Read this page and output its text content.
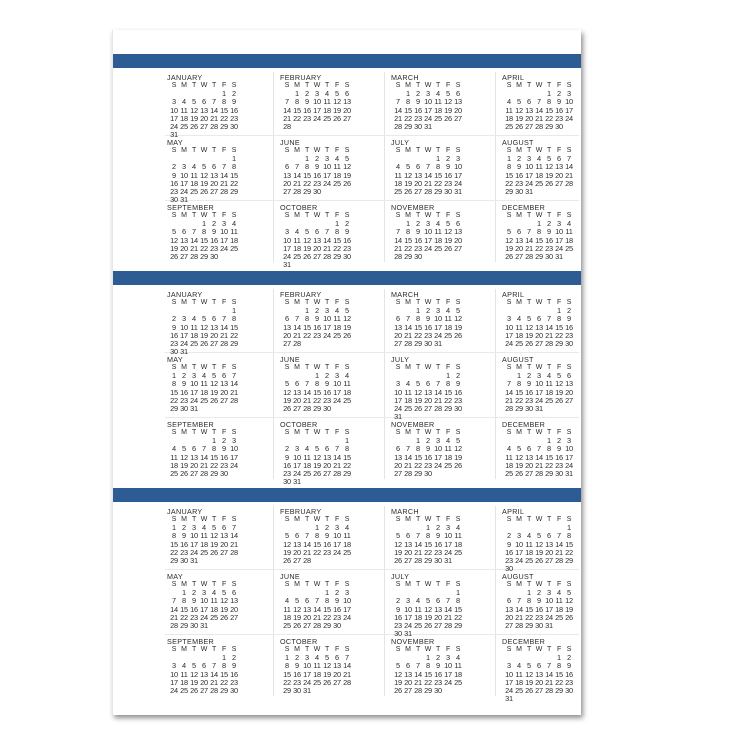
JANUARY
S M T W T F S
1 2
3 4 5 6 7 8 9
10 11 12 13 14 15 16
17 18 19 20 21 22 23
24 25 26 27 28 29 30
31
FEBRUARY
S M T W T F S
1 2 3 4 5 6
7 8 9 10 11 12 13
14 15 16 17 18 19 20
21 22 23 24 25 26 27
28
MARCH
S M T W T F S
1 2 3 4 5 6
7 8 9 10 11 12 13
14 15 16 17 18 19 20
21 22 23 24 25 26 27
28 29 30 31
APRIL
S M T W T F S
1 2 3
4 5 6 7 8 9 10
11 12 13 14 15 16 17
18 19 20 21 22 23 24
25 26 27 28 29 30
MAY
S M T W T F S
1
2 3 4 5 6 7 8
9 10 11 12 13 14 15
16 17 18 19 20 21 22
23 24 25 26 27 28 29
30 31
JUNE
S M T W T F S
1 2 3 4 5
6 7 8 9 10 11 12
13 14 15 16 17 18 19
20 21 22 23 24 25 26
27 28 29 30
JULY
S M T W T F S
1 2 3
4 5 6 7 8 9 10
11 12 13 14 15 16 17
18 19 20 21 22 23 24
25 26 27 28 29 30 31
AUGUST
S M T W T F S
1 2 3 4 5 6 7
8 9 10 11 12 13 14
15 16 17 18 19 20 21
22 23 24 25 26 27 28
29 30 31
SEPTEMBER
S M T W T F S
1 2 3 4
5 6 7 8 9 10 11
12 13 14 15 16 17 18
19 20 21 22 23 24 25
26 27 28 29 30
OCTOBER
S M T W T F S
1 2
3 4 5 6 7 8 9
10 11 12 13 14 15 16
17 18 19 20 21 22 23
24 25 26 27 28 29 30
31
NOVEMBER
S M T W T F S
1 2 3 4 5 6
7 8 9 10 11 12 13
14 15 16 17 18 19 20
21 22 23 24 25 26 27
28 29 30
DECEMBER
S M T W T F S
1 2 3 4
5 6 7 8 9 10 11
12 13 14 15 16 17 18
19 20 21 22 23 24 25
26 27 28 29 30 31
JANUARY
S M T W T F S
1
2 3 4 5 6 7 8
9 10 11 12 13 14 15
16 17 18 19 20 21 22
23 24 25 26 27 28 29
30 31
FEBRUARY
S M T W T F S
1 2 3 4 5
6 7 8 9 10 11 12
13 14 15 16 17 18 19
20 21 22 23 24 25 26
27 28
MARCH
S M T W T F S
1 2 3 4 5
6 7 8 9 10 11 12
13 14 15 16 17 18 19
20 21 22 23 24 25 26
27 28 29 30 31
APRIL
S M T W T F S
1 2
3 4 5 6 7 8 9
10 11 12 13 14 15 16
17 18 19 20 21 22 23
24 25 26 27 28 29 30
MAY
S M T W T F S
1 2 3 4 5 6 7
8 9 10 11 12 13 14
15 16 17 18 19 20 21
22 23 24 25 26 27 28
29 30 31
JUNE
S M T W T F S
1 2 3 4
5 6 7 8 9 10 11
12 13 14 15 16 17 18
19 20 21 22 23 24 25
26 27 28 29 30
JULY
S M T W T F S
1 2
3 4 5 6 7 8 9
10 11 12 13 14 15 16
17 18 19 20 21 22 23
24 25 26 27 28 29 30
31
AUGUST
S M T W T F S
1 2 3 4 5 6
7 8 9 10 11 12 13
14 15 16 17 18 19 20
21 22 23 24 25 26 27
28 29 30 31
SEPTEMBER
S M T W T F S
1 2 3
4 5 6 7 8 9 10
11 12 13 14 15 16 17
18 19 20 21 22 23 24
25 26 27 28 29 30
OCTOBER
S M T W T F S
1
2 3 4 5 6 7 8
9 10 11 12 13 14 15
16 17 18 19 20 21 22
23 24 25 26 27 28 29
30 31
NOVEMBER
S M T W T F S
1 2 3 4 5
6 7 8 9 10 11 12
13 14 15 16 17 18 19
20 21 22 23 24 25 26
27 28 29 30
DECEMBER
S M T W T F S
1 2 3
4 5 6 7 8 9 10
11 12 13 14 15 16 17
18 19 20 21 22 23 24
25 26 27 28 29 30 31
JANUARY
S M T W T F S
1 2 3 4 5 6 7
8 9 10 11 12 13 14
15 16 17 18 19 20 21
22 23 24 25 26 27 28
29 30 31
FEBRUARY
S M T W T F S
1 2 3 4
5 6 7 8 9 10 11
12 13 14 15 16 17 18
19 20 21 22 23 24 25
26 27 28
MARCH
S M T W T F S
1 2 3 4
5 6 7 8 9 10 11
12 13 14 15 16 17 18
19 20 21 22 23 24 25
26 27 28 29 30 31
APRIL
S M T W T F S
1
2 3 4 5 6 7 8
9 10 11 12 13 14 15
16 17 18 19 20 21 22
23 24 25 26 27 28 29
30
MAY
S M T W T F S
1 2 3 4 5 6
7 8 9 10 11 12 13
14 15 16 17 18 19 20
21 22 23 24 25 26 27
28 29 30 31
JUNE
S M T W T F S
1 2 3
4 5 6 7 8 9 10
11 12 13 14 15 16 17
18 19 20 21 22 23 24
25 26 27 28 29 30
JULY
S M T W T F S
1
2 3 4 5 6 7 8
9 10 11 12 13 14 15
16 17 18 19 20 21 22
23 24 25 26 27 28 29
30 31
AUGUST
S M T W T F S
1 2 3 4 5
6 7 8 9 10 11 12
13 14 15 16 17 18 19
20 21 22 23 24 25 26
27 28 29 30 31
SEPTEMBER
S M T W T F S
1 2
3 4 5 6 7 8 9
10 11 12 13 14 15 16
17 18 19 20 21 22 23
24 25 26 27 28 29 30
OCTOBER
S M T W T F S
1 2 3 4 5 6 7
8 9 10 11 12 13 14
15 16 17 18 19 20 21
22 23 24 25 26 27 28
29 30 31
NOVEMBER
S M T W T F S
1 2 3 4
5 6 7 8 9 10 11
12 13 14 15 16 17 18
19 20 21 22 23 24 25
26 27 28 29 30
DECEMBER
S M T W T F S
1 2
3 4 5 6 7 8 9
10 11 12 13 14 15 16
17 18 19 20 21 22 23
24 25 26 27 28 29 30
31
